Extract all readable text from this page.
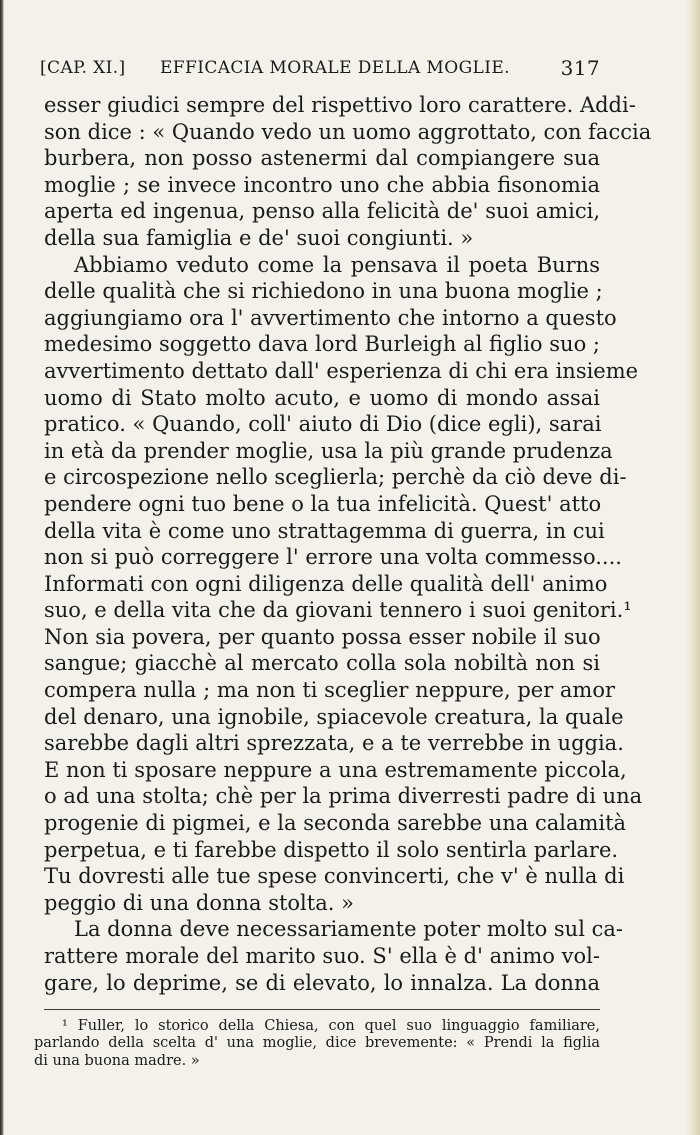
[CAP. XI.] EFFICACIA MORALE DELLA MOGLIE.	317
esser giudici sempre del rispettivo loro carattere. Addi-
son dice : « Quando vedo un uomo aggrottato, con faccia
burbera, non posso astenermi dal compiangere sua
moglie ; se invece incontro uno che abbia fisonomia
aperta ed ingenua, penso alla felicità de' suoi amici,
della sua famiglia e de' suoi congiunti. »
Abbiamo veduto come la pensava il poeta Burns
delle qualità che si richiedono in una buona moglie ;
aggiungiamo ora l' avvertimento che intorno a questo
medesimo soggetto dava lord Burleigh al figlio suo ;
avvertimento dettato dall' esperienza di chi era insieme
uomo di Stato molto acuto, e uomo di mondo assai
pratico. « Quando, coll' aiuto di Dio (dice egli), sarai
in età da prender moglie, usa la più grande prudenza
e circospezione nello sceglierla; perchè da ciò deve di-
pendere ogni tuo bene o la tua infelicità. Quest' atto
della vita è come uno strattagemma di guerra, in cui
non si può correggere l' errore una volta commesso....
Informati con ogni diligenza delle qualità dell' animo
suo, e della vita che da giovani tennero i suoi genitori.¹
Non sia povera, per quanto possa esser nobile il suo
sangue; giacchè al mercato colla sola nobiltà non si
compera nulla ; ma non ti sceglier neppure, per amor
del denaro, una ignobile, spiacevole creatura, la quale
sarebbe dagli altri sprezzata, e a te verrebbe in uggia.
E non ti sposare neppure a una estremamente piccola,
o ad una stolta; chè per la prima diverresti padre di una
progenie di pigmei, e la seconda sarebbe una calamità
perpetua, e ti farebbe dispetto il solo sentirla parlare.
Tu dovresti alle tue spese convincerti, che v' è nulla di
peggio di una donna stolta. »
La donna deve necessariamente poter molto sul ca-
rattere morale del marito suo. S' ella è d' animo vol-
gare, lo deprime, se di elevato, lo innalza. La donna
¹ Fuller, lo storico della Chiesa, con quel suo linguaggio familiare,
parlando della scelta d' una moglie, dice brevemente: « Prendi la figlia
di una buona madre. »
